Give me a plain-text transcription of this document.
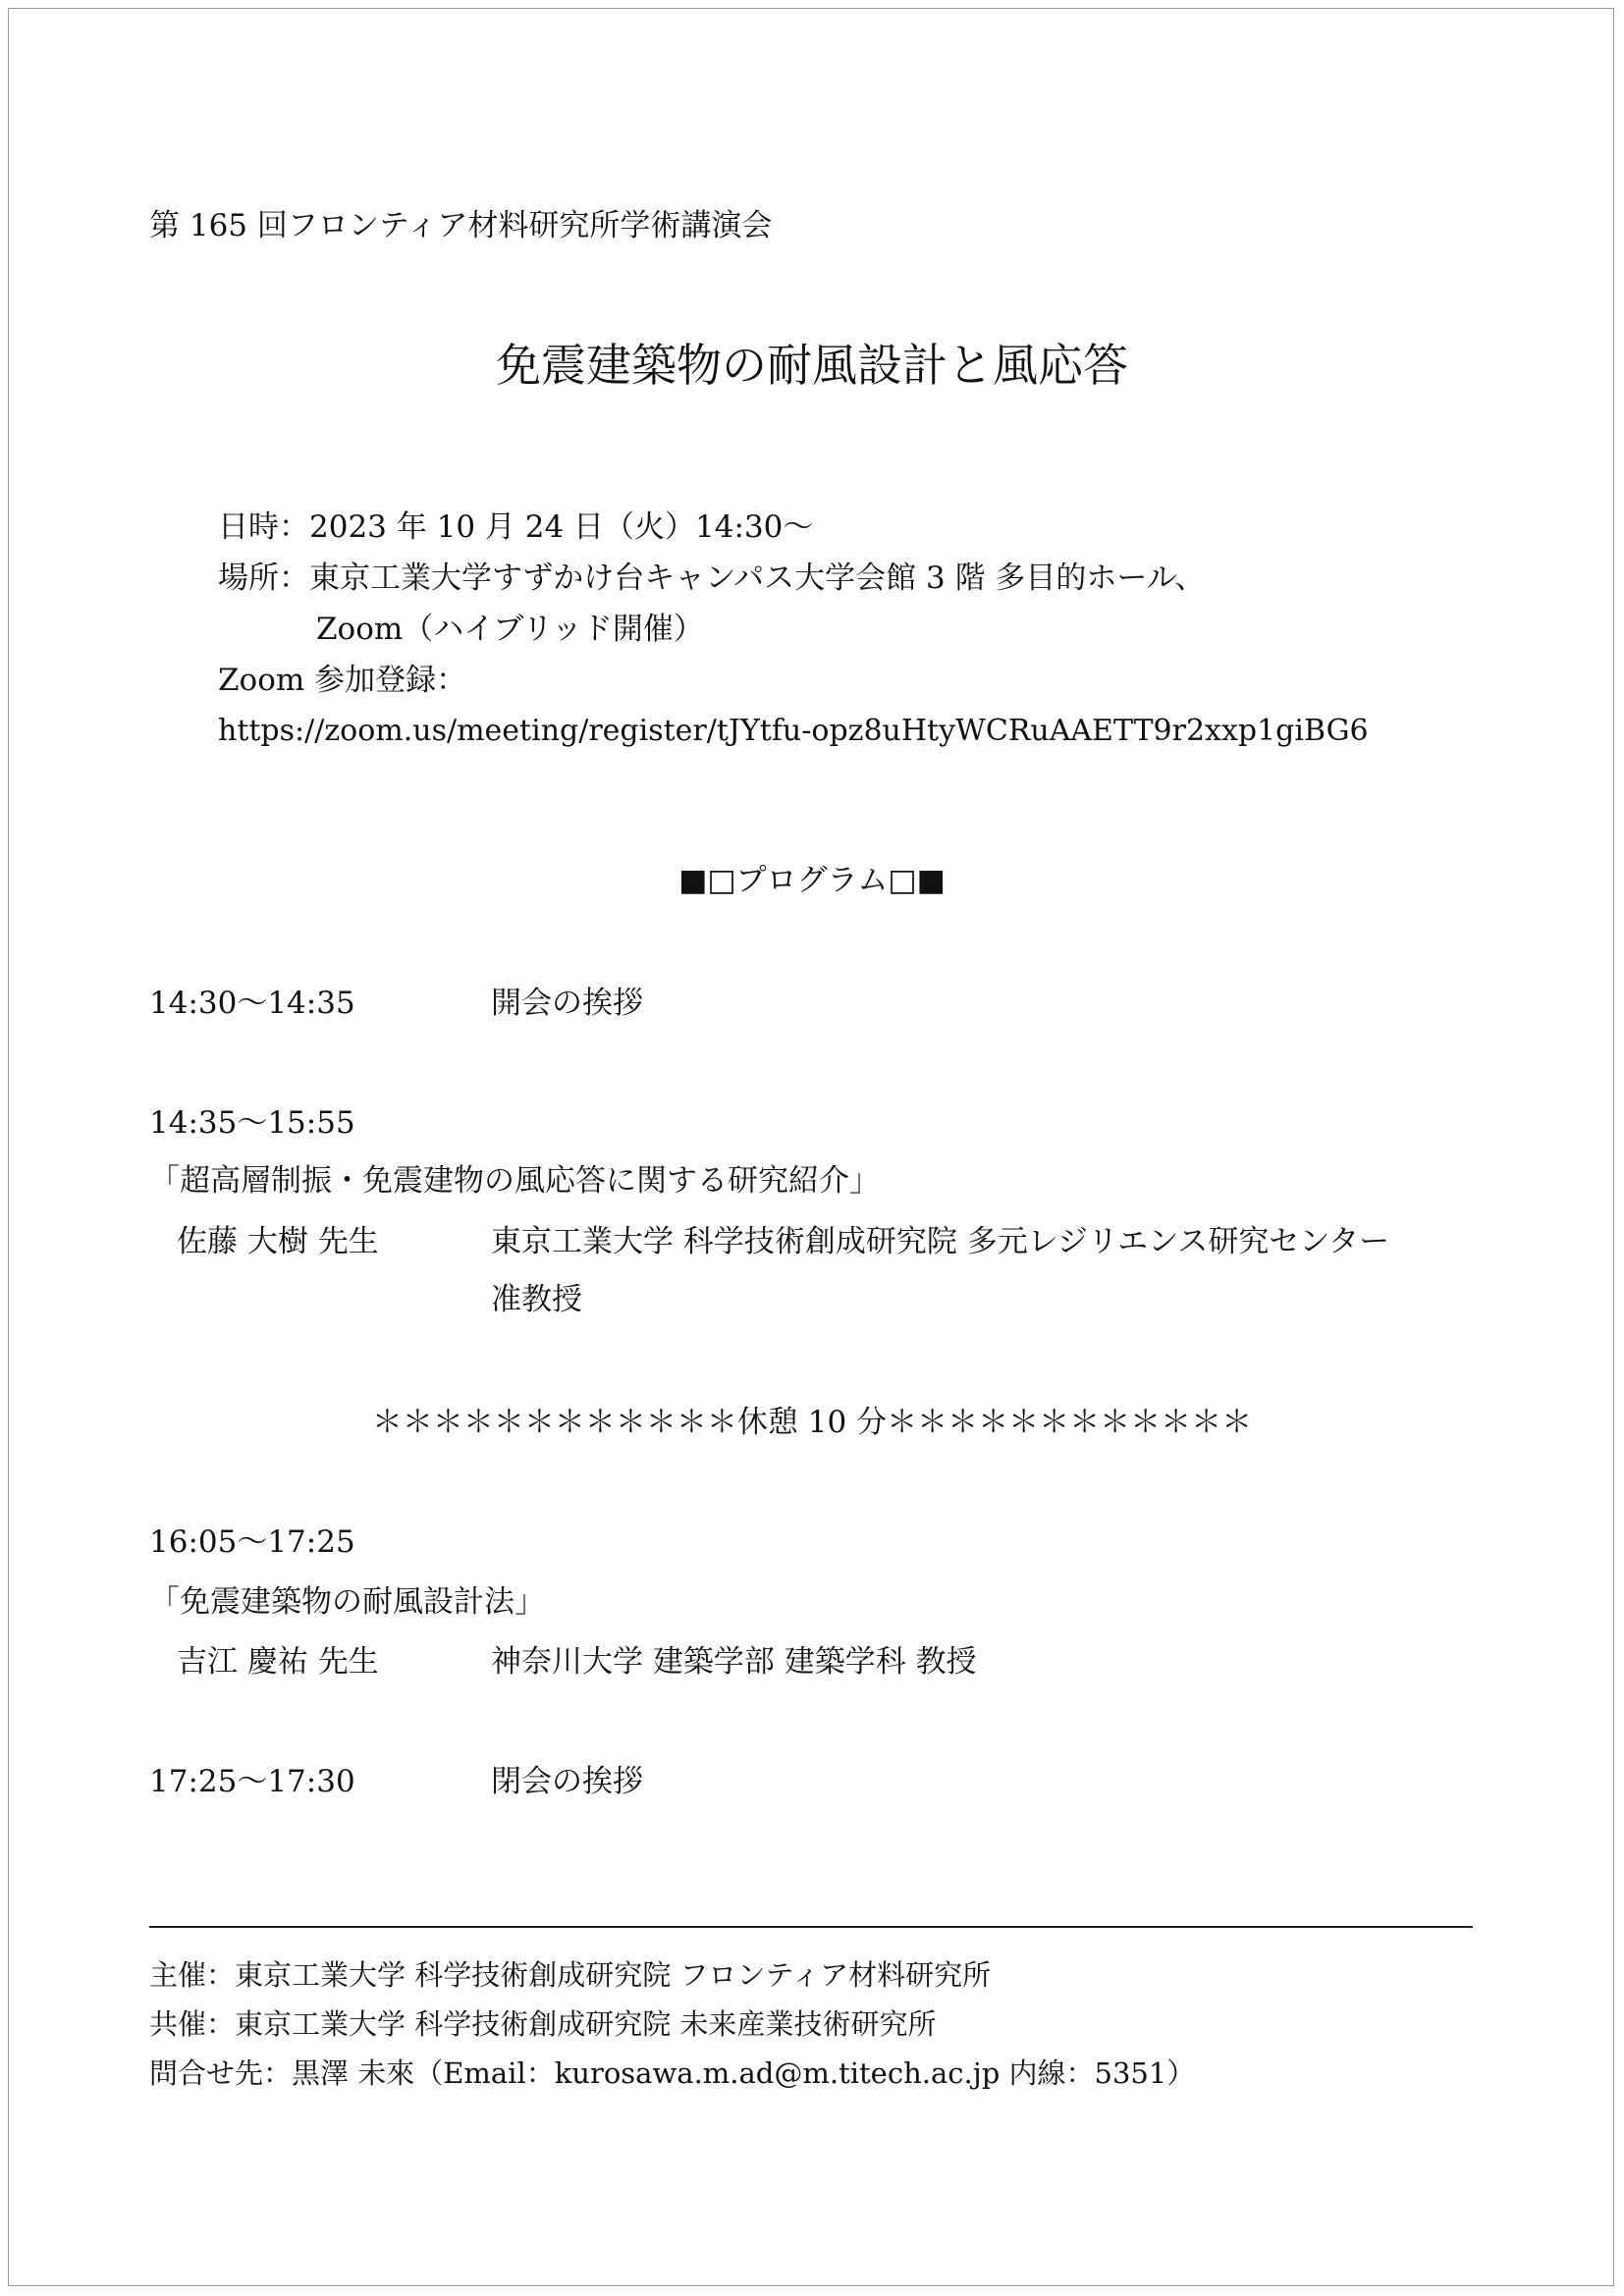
第 165 回フロンティア材料研究所学術講演会
免震建築物の耐風設計と風応答
日時：2023 年 10 月 24 日（火）14:30～
場所：東京工業大学すずかけ台キャンパス大学会館 3 階 多目的ホール、
Zoom（ハイブリッド開催）
Zoom 参加登録：
https://zoom.us/meeting/register/tJYtfu-opz8uHtyWCRuAAETT9r2xxp1giBG6
■□プログラム□■
14:30～14:35	開会の挨拶
14:35～15:55
「超高層制振・免震建物の風応答に関する研究紹介」
佐藤 大樹 先生	東京工業大学 科学技術創成研究院 多元レジリエンス研究センター
准教授
＊＊＊＊＊＊＊＊＊＊＊＊休憩 10 分＊＊＊＊＊＊＊＊＊＊＊＊
16:05～17:25
「免震建築物の耐風設計法」
吉江 慶祐 先生	神奈川大学 建築学部 建築学科 教授
17:25～17:30	閉会の挨拶
主催：東京工業大学 科学技術創成研究院 フロンティア材料研究所
共催：東京工業大学 科学技術創成研究院 未来産業技術研究所
問合せ先：黒澤 未來（Email：kurosawa.m.ad@m.titech.ac.jp 内線：5351）
